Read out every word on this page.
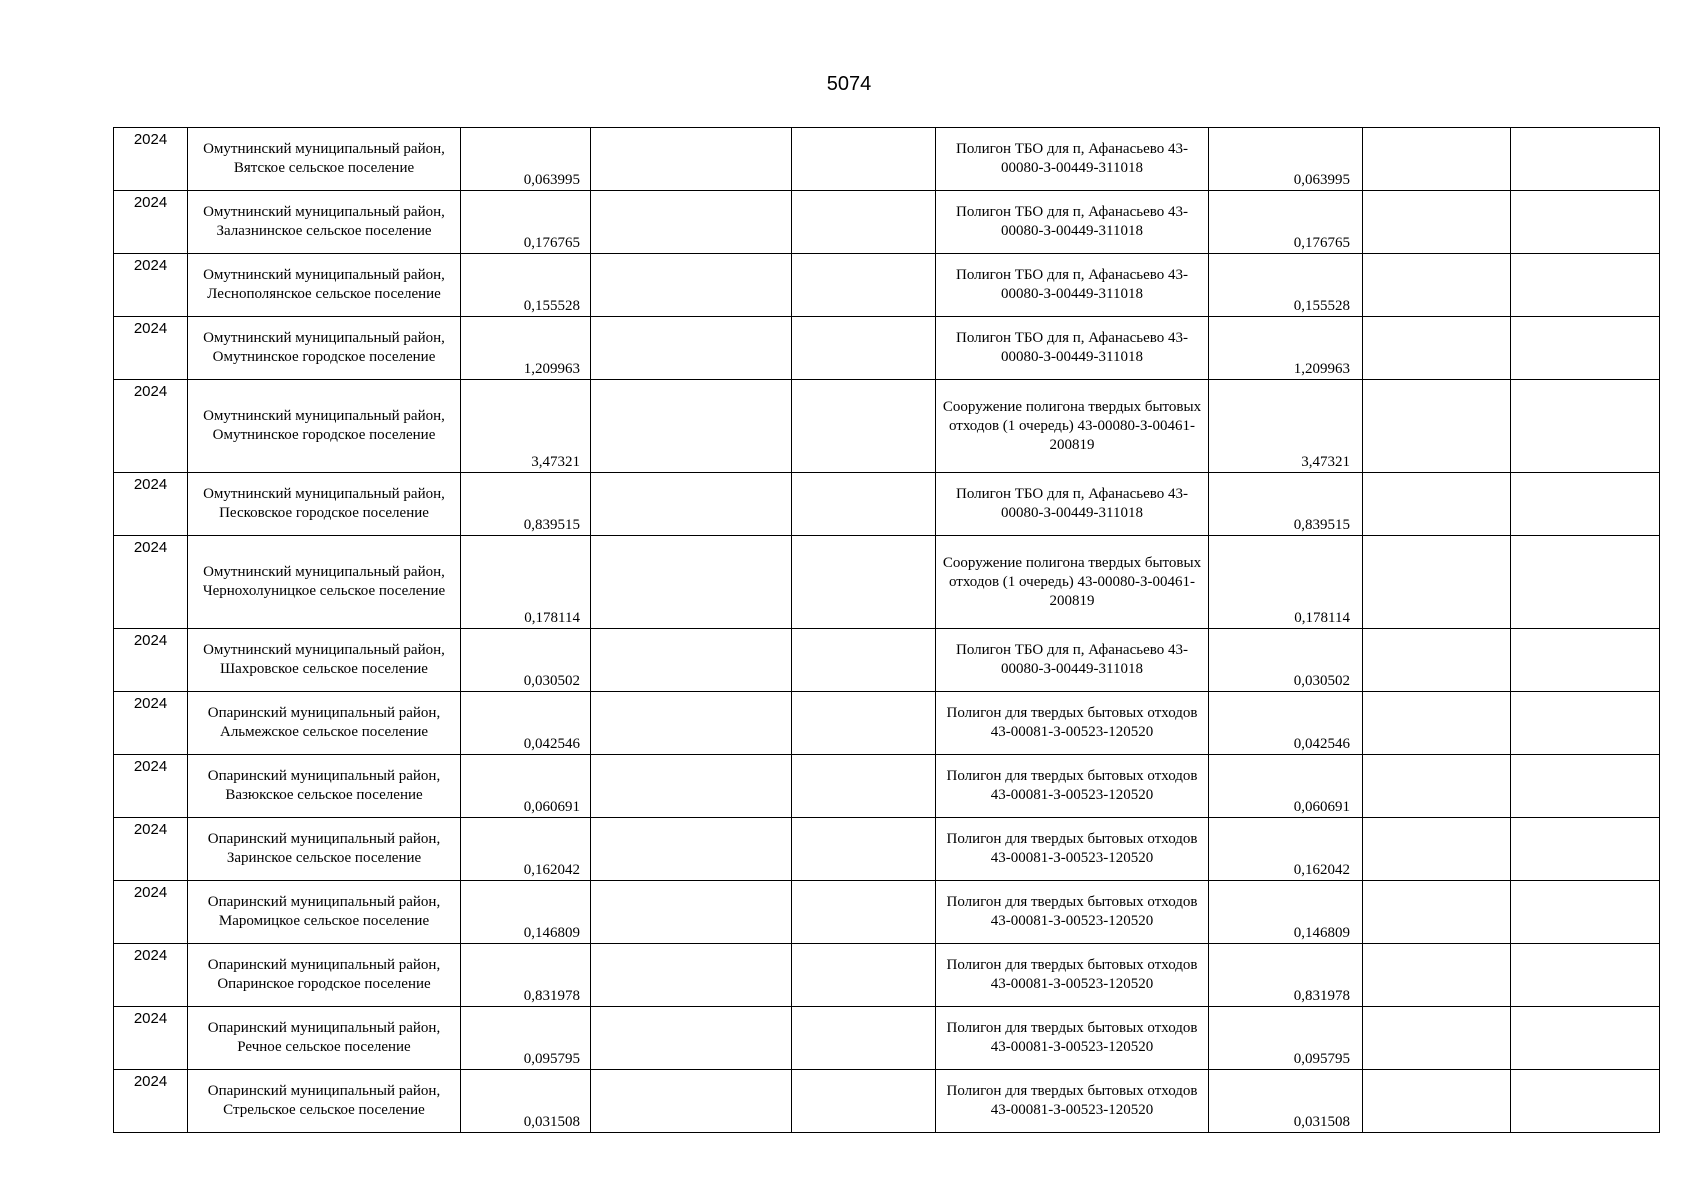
5074
2024	Омутнинский муниципальный район, Вятское сельское поселение	0,063995			Полигон ТБО для п, Афанасьево 43-00080-З-00449-311018	0,063995		
2024	Омутнинский муниципальный район, Залазнинское сельское поселение	0,176765			Полигон ТБО для п, Афанасьево 43-00080-З-00449-311018	0,176765		
2024	Омутнинский муниципальный район, Леснополянское сельское поселение	0,155528			Полигон ТБО для п, Афанасьево 43-00080-З-00449-311018	0,155528		
2024	Омутнинский муниципальный район, Омутнинское городское поселение	1,209963			Полигон ТБО для п, Афанасьево 43-00080-З-00449-311018	1,209963		
2024	Омутнинский муниципальный район, Омутнинское городское поселение	3,47321			Сооружение полигона твердых бытовых отходов (1 очередь) 43-00080-З-00461-200819	3,47321		
2024	Омутнинский муниципальный район, Песковское городское поселение	0,839515			Полигон ТБО для п, Афанасьево 43-00080-З-00449-311018	0,839515		
2024	Омутнинский муниципальный район, Чернохолуницкое сельское поселение	0,178114			Сооружение полигона твердых бытовых отходов (1 очередь) 43-00080-З-00461-200819	0,178114		
2024	Омутнинский муниципальный район, Шахровское сельское поселение	0,030502			Полигон ТБО для п, Афанасьево 43-00080-З-00449-311018	0,030502		
2024	Опаринский муниципальный район, Альмежское сельское поселение	0,042546			Полигон для твердых бытовых отходов 43-00081-З-00523-120520	0,042546		
2024	Опаринский муниципальный район, Вазюкское сельское поселение	0,060691			Полигон для твердых бытовых отходов 43-00081-З-00523-120520	0,060691		
2024	Опаринский муниципальный район, Заринское сельское поселение	0,162042			Полигон для твердых бытовых отходов 43-00081-З-00523-120520	0,162042		
2024	Опаринский муниципальный район, Маромицкое сельское поселение	0,146809			Полигон для твердых бытовых отходов 43-00081-З-00523-120520	0,146809		
2024	Опаринский муниципальный район, Опаринское городское поселение	0,831978			Полигон для твердых бытовых отходов 43-00081-З-00523-120520	0,831978		
2024	Опаринский муниципальный район, Речное сельское поселение	0,095795			Полигон для твердых бытовых отходов 43-00081-З-00523-120520	0,095795		
2024	Опаринский муниципальный район, Стрельское сельское поселение	0,031508			Полигон для твердых бытовых отходов 43-00081-З-00523-120520	0,031508		
